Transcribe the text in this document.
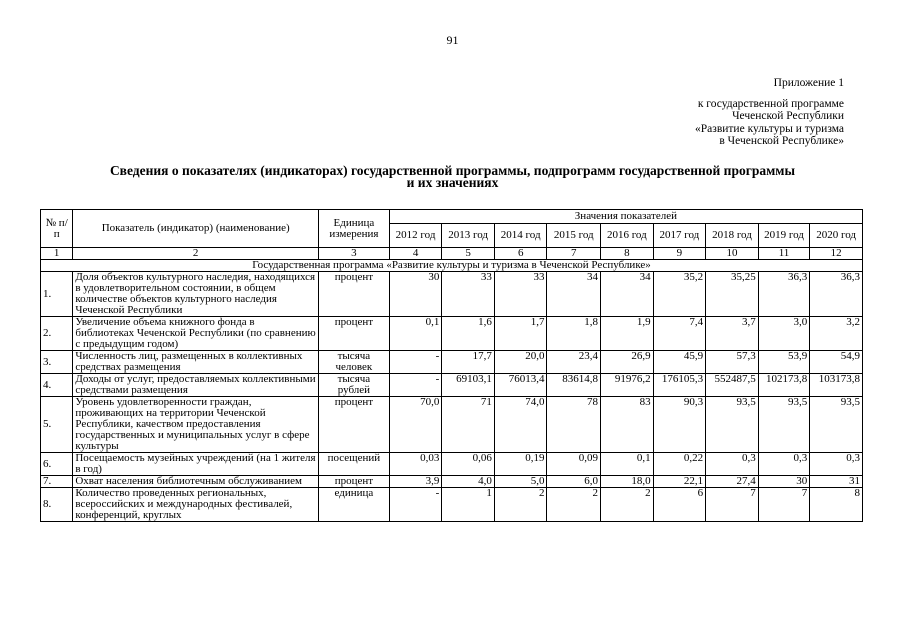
91
Приложение 1
к государственной программе
Чеченской Республики
«Развитие культуры и туризма
в Чеченской Республике»
Сведения о показателях (индикаторах) государственной программы, подпрограмм государственной программы
и их значениях
№ п/п	Показатель (индикатор) (наименование)	Единица измерения	Значения показателей								
			2012 год	2013 год	2014 год	2015 год	2016 год	2017 год	2018 год	2019 год	2020 год
1	2	3	4	5	6	7	8	9	10	11	12
Государственная программа «Развитие культуры и туризма в Чеченской Республике»											
1.	Доля объектов культурного наследия, находящихся в удовлетворительном состоянии, в общем количестве объектов культурного наследия Чеченской Республики	процент	30	33	33	34	34	35,2	35,25	36,3	36,3
2.	Увеличение объема книжного фонда в библиотеках Чеченской Республики (по сравнению с предыдущим годом)	процент	0,1	1,6	1,7	1,8	1,9	7,4	3,7	3,0	3,2
3.	Численность лиц, размещенных в коллективных средствах размещения	тысяча человек	-	17,7	20,0	23,4	26,9	45,9	57,3	53,9	54,9
4.	Доходы от услуг, предоставляемых коллективными средствами размещения	тысяча рублей	-	69103,1	76013,4	83614,8	91976,2	176105,3	552487,5	102173,8	103173,8
5.	Уровень удовлетворенности граждан, проживающих на территории Чеченской Республики, качеством предоставления государственных и муниципальных услуг в сфере культуры	процент	70,0	71	74,0	78	83	90,3	93,5	93,5	93,5
6.	Посещаемость музейных учреждений (на 1 жителя в год)	посещений	0,03	0,06	0,19	0,09	0,1	0,22	0,3	0,3	0,3
7.	Охват населения библиотечным обслуживанием	процент	3,9	4,0	5,0	6,0	18,0	22,1	27,4	30	31
8.	Количество проведенных региональных, всероссийских и международных фестивалей, конференций, круглых	единица	-	1	2	2	2	6	7	7	8
